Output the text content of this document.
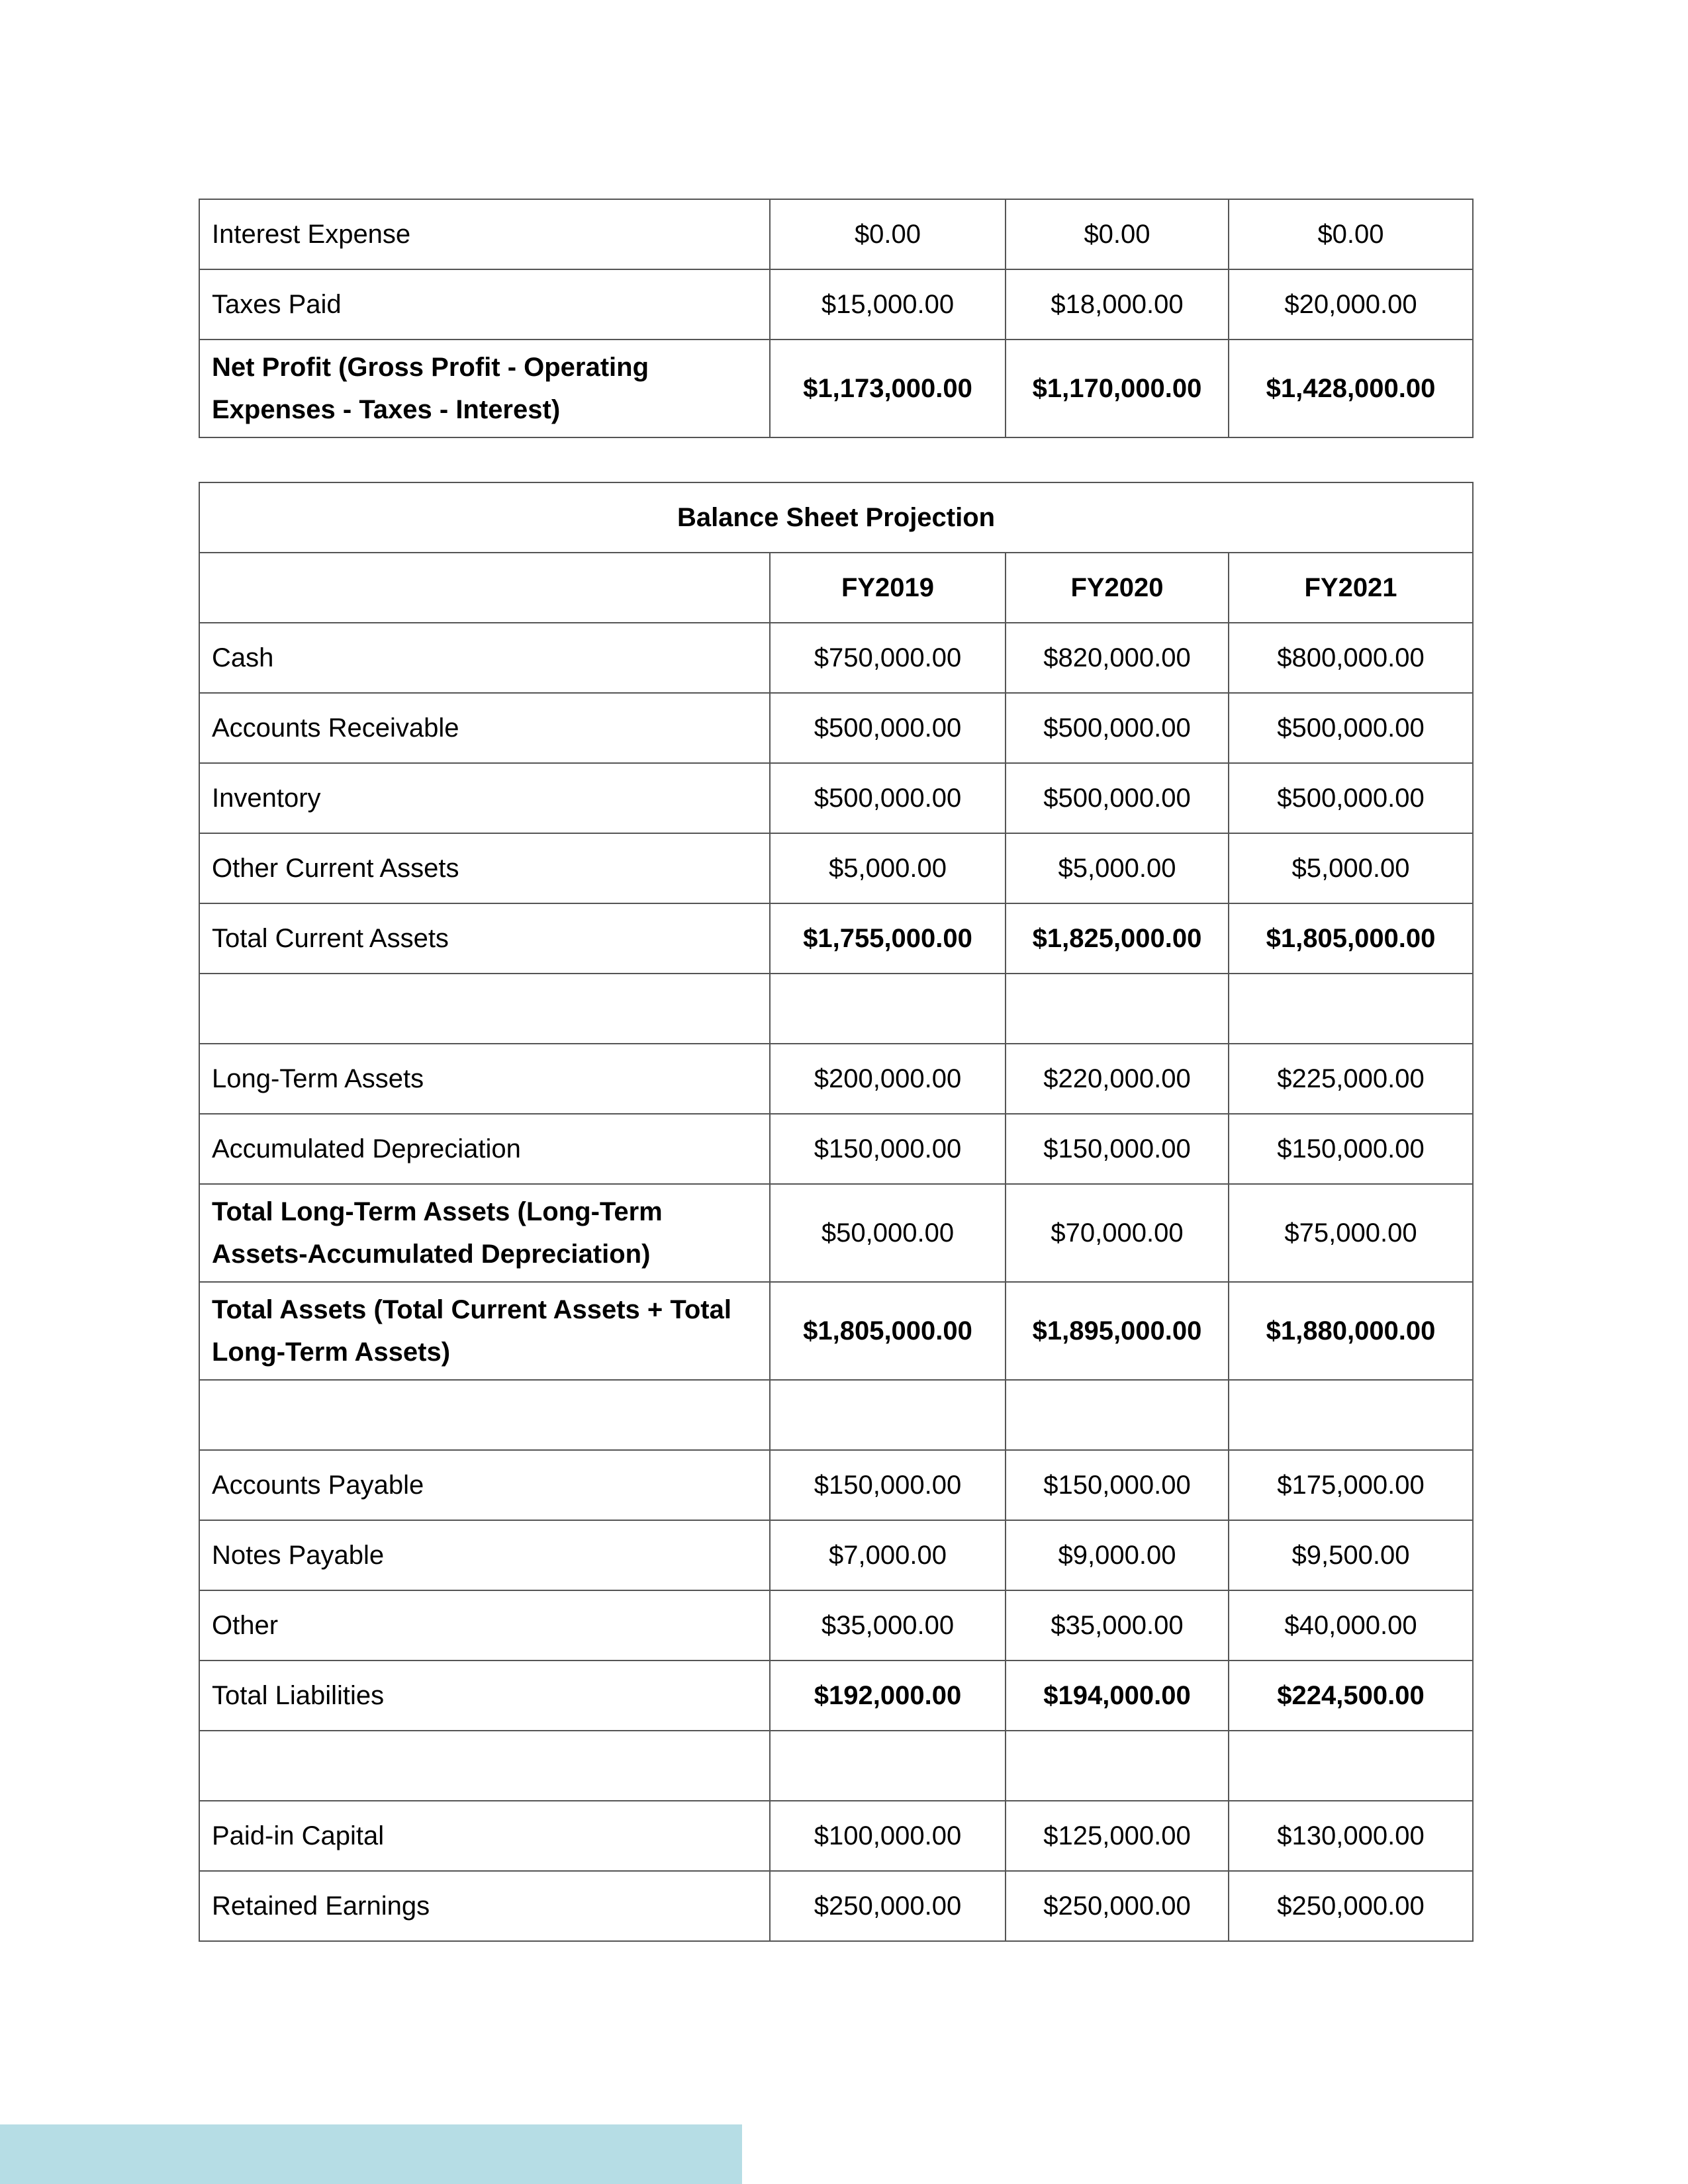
Interest Expense	$0.00	$0.00	$0.00
Taxes Paid	$15,000.00	$18,000.00	$20,000.00
Net Profit (Gross Profit - Operating Expenses - Taxes - Interest)	$1,173,000.00	$1,170,000.00	$1,428,000.00
Balance Sheet Projection			
	FY2019	FY2020	FY2021
Cash	$750,000.00	$820,000.00	$800,000.00
Accounts Receivable	$500,000.00	$500,000.00	$500,000.00
Inventory	$500,000.00	$500,000.00	$500,000.00
Other Current Assets	$5,000.00	$5,000.00	$5,000.00
Total Current Assets	$1,755,000.00	$1,825,000.00	$1,805,000.00

Long-Term Assets	$200,000.00	$220,000.00	$225,000.00
Accumulated Depreciation	$150,000.00	$150,000.00	$150,000.00
Total Long-Term Assets (Long-Term Assets-Accumulated Depreciation)	$50,000.00	$70,000.00	$75,000.00
Total Assets (Total Current Assets + Total Long-Term Assets)	$1,805,000.00	$1,895,000.00	$1,880,000.00

Accounts Payable	$150,000.00	$150,000.00	$175,000.00
Notes Payable	$7,000.00	$9,000.00	$9,500.00
Other	$35,000.00	$35,000.00	$40,000.00
Total Liabilities	$192,000.00	$194,000.00	$224,500.00

Paid-in Capital	$100,000.00	$125,000.00	$130,000.00
Retained Earnings	$250,000.00	$250,000.00	$250,000.00
